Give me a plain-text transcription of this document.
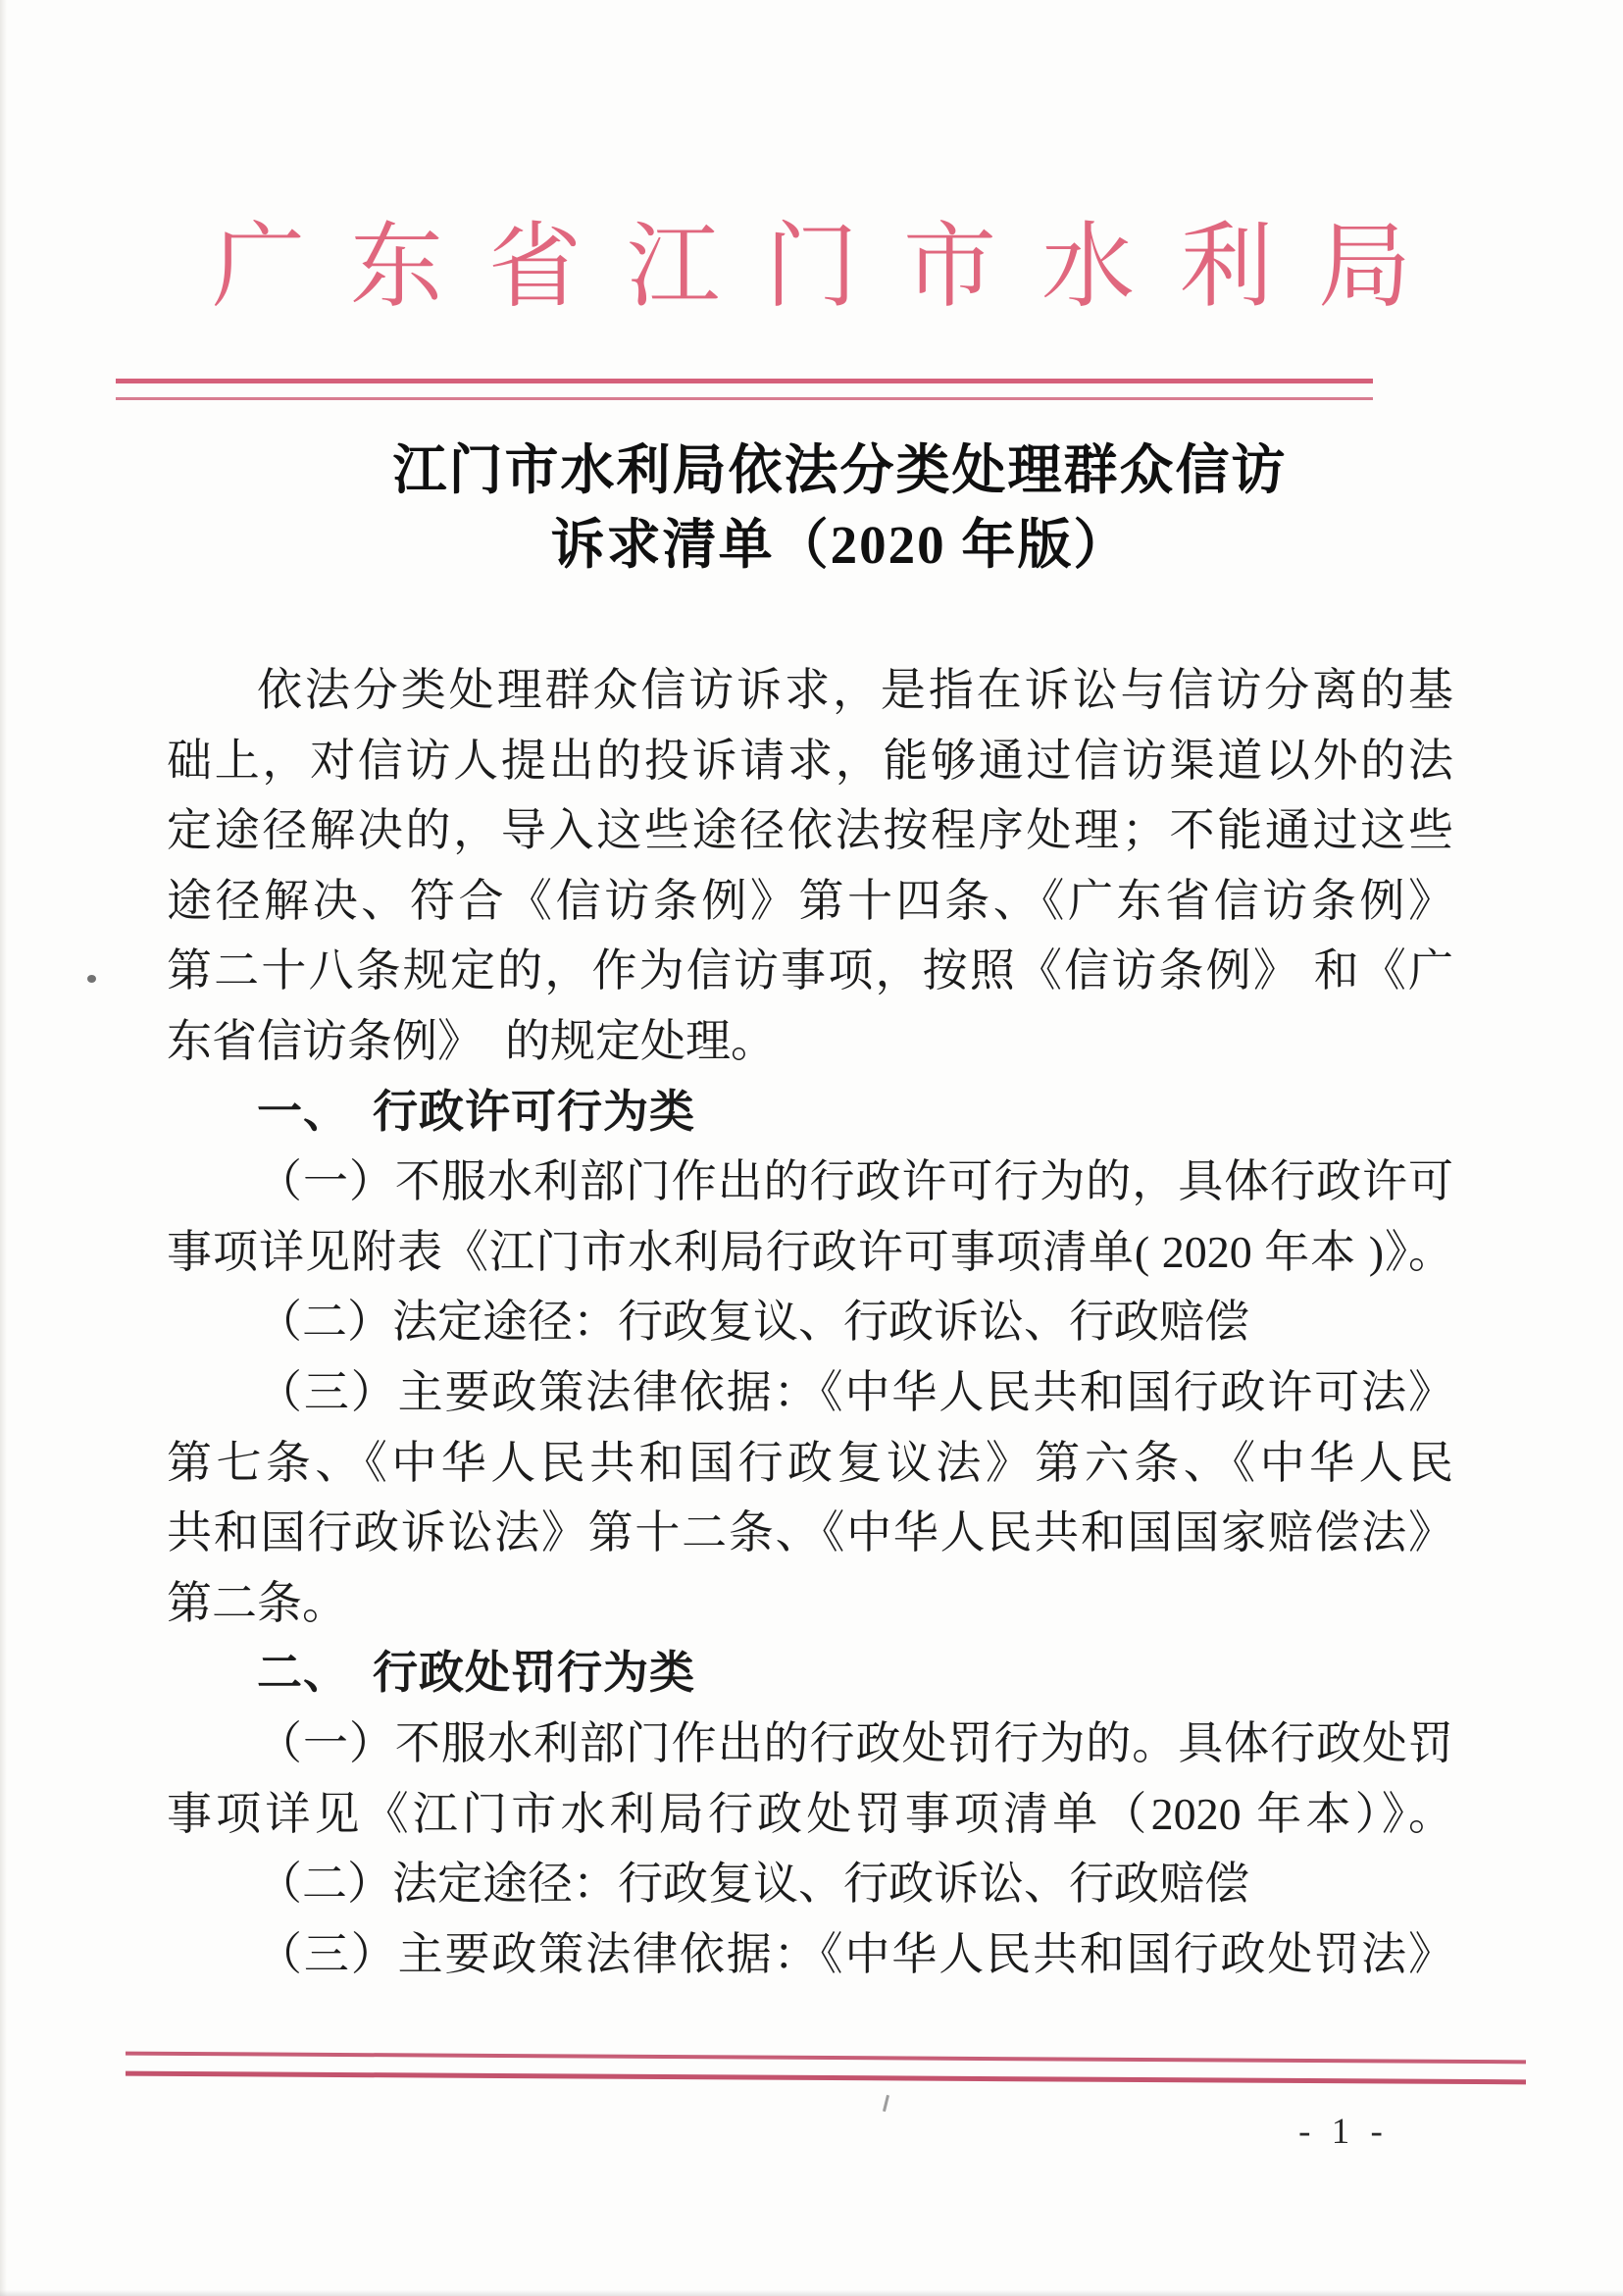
广东省江门市水利局
江门市水利局依法分类处理群众信访
诉求清单（2020 年版）
依法分类处理群众信访诉求，是指在诉讼与信访分离的基
础上，对信访人提出的投诉请求，能够通过信访渠道以外的法
定途径解决的，导入这些途径依法按程序处理；不能通过这些
途径解决、符合《信访条例》第十四条、《广东省信访条例》
第二十八条规定的，作为信访事项，按照《信访条例》 和《广
东省信访条例》　的规定处理。
一、　行政许可行为类
（一）不服水利部门作出的行政许可行为的，具体行政许可
事项详见附表《江门市水利局行政许可事项清单( 2020 年本 )》。
（二）法定途径：行政复议、行政诉讼、行政赔偿
（三）主要政策法律依据：《中华人民共和国行政许可法》
第七条、《中华人民共和国行政复议法》第六条、《中华人民
共和国行政诉讼法》第十二条、《中华人民共和国国家赔偿法》
第二条。
二、　行政处罚行为类
（一）不服水利部门作出的行政处罚行为的。具体行政处罚
事项详见《江门市水利局行政处罚事项清单（2020 年本）》。
（二）法定途径：行政复议、行政诉讼、行政赔偿
（三）主要政策法律依据：《中华人民共和国行政处罚法》
- 1 -
